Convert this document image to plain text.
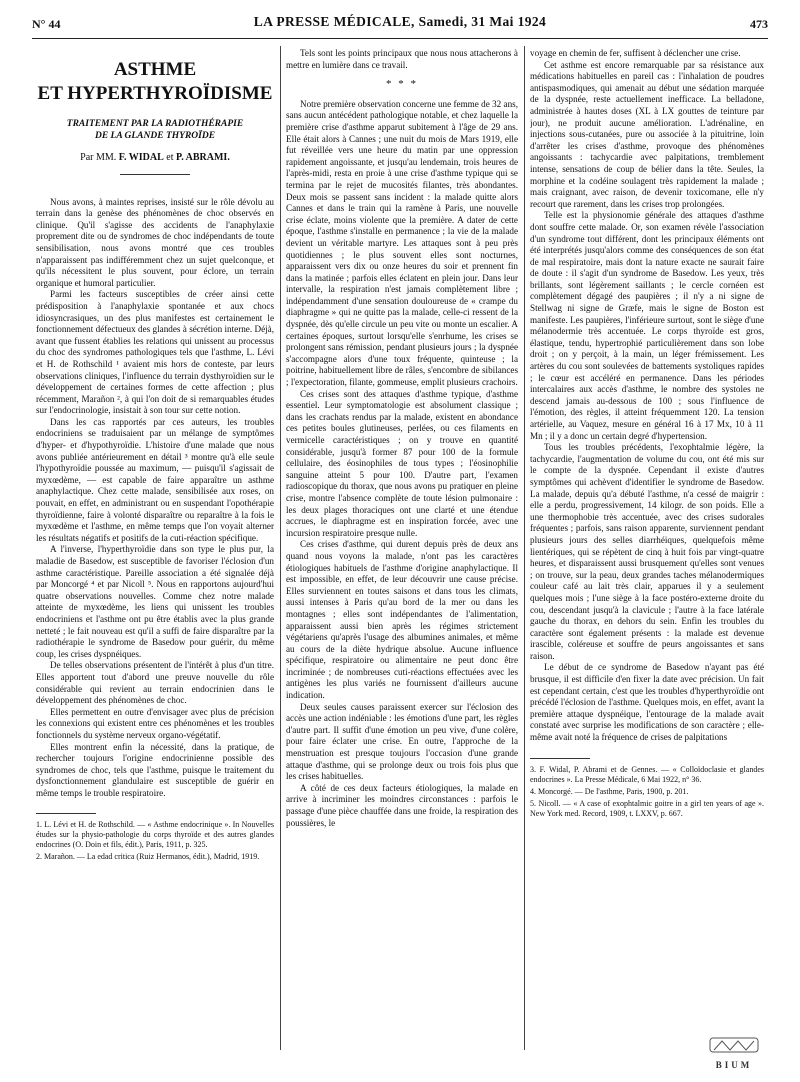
N° 44	LA PRESSE MÉDICALE, Samedi, 31 Mai 1924	473
ASTHME
ET HYPERTHYROÏDISME
TRAITEMENT PAR LA RADIOTHÉRAPIE
DE LA GLANDE THYROÏDE
Par MM. F. WIDAL et P. ABRAMI.

Nous avons, à maintes reprises, insisté sur le rôle dévolu au terrain dans la genèse des phénomènes de choc observés en clinique. Qu'il s'agisse des accidents de l'anaphylaxie proprement dite ou de syndromes de choc indépendants de toute sensibilisation, nous avons montré que ces troubles n'apparaissent pas indifféremment chez un sujet quelconque, et qu'ils nécessitent le plus souvent, pour éclore, un terrain organique et humoral particulier.

Parmi les facteurs susceptibles de créer ainsi cette prédisposition à l'anaphylaxie spontanée et aux chocs idiosyncrasiques, un des plus manifestes est certainement le fonctionnement défectueux des glandes à sécrétion interne. Déjà, avant que fussent établies les relations qui unissent au processus du choc des syndromes pathologiques tels que l'asthme, L. Lévi et H. de Rothschild ¹ avaient mis hors de conteste, par leurs observations cliniques, l'influence du terrain dysthyroïdien sur le développement de certaines formes de cette affection ; plus récemment, Marañon ², à qui l'on doit de si remarquables études sur l'endocrinologie, insistait à son tour sur cette notion.

Dans les cas rapportés par ces auteurs, les troubles endocriniens se traduisaient par un mélange de symptômes d'hyper- et d'hypothyroïdie. L'histoire d'une malade que nous avons publiée antérieurement en détail ³ montre qu'à elle seule l'hypothyroïdie poussée au maximum, — puisqu'il s'agissait de myxœdème, — est capable de faire apparaître un asthme anaphylactique. Chez cette malade, sensibilisée aux roses, on pouvait, en effet, en administrant ou en suspendant l'opothérapie thyroïdienne, faire à volonté disparaître ou reparaître à la fois le myxœdème et l'asthme, en même temps que l'on voyait alterner les résultats négatifs et positifs de la cuti-réaction spécifique.

A l'inverse, l'hyperthyroïdie dans son type le plus pur, la maladie de Basedow, est susceptible de favoriser l'éclosion d'un asthme caractéristique. Pareille association a été signalée déjà par Moncorgé ⁴ et par Nicoll ⁵. Nous en rapportons aujourd'hui quatre observations nouvelles. Comme chez notre malade atteinte de myxœdème, les liens qui unissent les troubles endocriniens et l'asthme ont pu être établis avec la plus grande netteté ; le fait nouveau est qu'il a suffi de faire disparaître par la radiothérapie le syndrome de Basedow pour guérir, du même coup, les crises dyspnéiques.

De telles observations présentent de l'intérêt à plus d'un titre. Elles apportent tout d'abord une preuve nouvelle du rôle considérable qui revient au terrain endocrinien dans le développement des phénomènes de choc.

Elles permettent en outre d'envisager avec plus de précision les connexions qui existent entre ces phénomènes et les troubles fonctionnels du système nerveux organo-végétatif.

Elles montrent enfin la nécessité, dans la pratique, de rechercher toujours l'origine endocrinienne possible des syndromes de choc, tels que l'asthme, puisque le traitement du dysfonctionnement glandulaire est susceptible de guérir en même temps le trouble respiratoire.

1. L. Lévi et H. de Rothschild. — « Asthme endocrinique ». In Nouvelles études sur la physio-pathologie du corps thyroïde et des autres glandes endocrines (O. Doin et fils, édit.), Paris, 1911, p. 325.

2. Marañon. — La edad critica (Ruiz Hermanos, édit.), Madrid, 1919.

Tels sont les points principaux que nous nous attacherons à mettre en lumière dans ce travail.

* * *

Notre première observation concerne une femme de 32 ans, sans aucun antécédent pathologique notable, et chez laquelle la première crise d'asthme apparut subitement à l'âge de 29 ans. Elle était alors à Cannes ; une nuit du mois de Mars 1919, elle fut réveillée vers une heure du matin par une oppression rapidement angoissante, et jusqu'au lendemain, trois heures de l'après-midi, resta en proie à une crise d'asthme typique qui se termina par le rejet de mucosités filantes, très abondantes. Deux mois se passent sans incident : la malade quitte alors Cannes et dans le train qui la ramène à Paris, une nouvelle crise éclate, moins violente que la première. A dater de cette époque, l'asthme s'installe en permanence ; la vie de la malade devient un véritable martyre. Les attaques sont à peu près quotidiennes ; le plus souvent elles sont nocturnes, apparaissent vers dix ou onze heures du soir et prennent fin dans la matinée ; parfois elles éclatent en plein jour. Dans leur intervalle, la respiration n'est jamais complètement libre ; indépendamment d'une sensation douloureuse de « crampe du diaphragme » qui ne quitte pas la malade, celle-ci ressent de la dyspnée, dès qu'elle circule un peu vite ou monte un escalier. A certaines époques, surtout lorsqu'elle s'enrhume, les crises se prolongent sans rémission, pendant plusieurs jours ; la dyspnée s'accompagne alors d'une toux fréquente, quinteuse ; la poitrine, habituellement libre de râles, s'encombre de sibilances ; l'expectoration, filante, gommeuse, emplit plusieurs crachoirs.

Ces crises sont des attaques d'asthme typique, d'asthme essentiel. Leur symptomatologie est absolument classique ; dans les crachats rendus par la malade, existent en abondance ces petites boules glutineuses, perlées, ou ces filaments en vermicelle caractéristiques ; on y trouve en quantité considérable, jusqu'à former 87 pour 100 de la formule cellulaire, des éosinophiles de tous types ; l'éosinophilie sanguine atteint 5 pour 100. D'autre part, l'examen radioscopique du thorax, que nous avons pu pratiquer en pleine crise, montre l'absence complète de toute lésion pulmonaire : les deux plages thoraciques ont une clarté et une étendue accrues, le diaphragme est en inspiration forcée, avec une incursion respiratoire presque nulle.

Ces crises d'asthme, qui durent depuis près de deux ans quand nous voyons la malade, n'ont pas les caractères étiologiques habituels de l'asthme d'origine anaphylactique. Il est impossible, en effet, de leur découvrir une cause précise. Elles surviennent en toutes saisons et dans tous les climats, aussi intenses à Paris qu'au bord de la mer ou dans les montagnes ; elles sont indépendantes de l'alimentation, apparaissent aussi bien après les régimes strictement végétariens qu'après l'usage des albumines animales, et même au cours de la diète hydrique absolue. Aucune influence spécifique, respiratoire ou alimentaire ne peut donc être incriminée ; de nombreuses cuti-réactions effectuées avec les antigènes les plus variés ne fournissent d'ailleurs aucune indication.

Deux seules causes paraissent exercer sur l'éclosion des accès une action indéniable : les émotions d'une part, les règles d'autre part. Il suffit d'une émotion un peu vive, d'une colère, pour faire éclater une crise. En outre, l'approche de la menstruation est presque toujours l'occasion d'une grande attaque d'asthme, qui se prolonge deux ou trois fois plus que les crises habituelles.

A côté de ces deux facteurs étiologiques, la malade en arrive à incriminer les moindres circonstances : parfois le passage d'une pièce chauffée dans une froide, la respiration des poussières, le

voyage en chemin de fer, suffisent à déclencher une crise.

Cet asthme est encore remarquable par sa résistance aux médications habituelles en pareil cas : l'inhalation de poudres antispasmodiques, qui amenait au début une sédation marquée de la dyspnée, reste actuellement inefficace. La belladone, administrée à hautes doses (XL à LX gouttes de teinture par jour), ne produit aucune amélioration. L'adrénaline, en injections sous-cutanées, pure ou associée à la pituitrine, loin d'arrêter les crises d'asthme, provoque des phénomènes angoissants : tachycardie avec palpitations, tremblement intense, sensations de coup de bélier dans la tête. Seules, la morphine et la codéine soulagent très rapidement la malade ; mais craignant, avec raison, de devenir toxicomane, elle n'y recourt que rarement, dans les crises trop prolongées.

Telle est la physionomie générale des attaques d'asthme dont souffre cette malade. Or, son examen révèle l'association d'un syndrome tout différent, dont les principaux éléments ont été interprétés jusqu'alors comme des conséquences de son état de mal respiratoire, mais dont la nature exacte ne saurait faire de doute : il s'agit d'un syndrome de Basedow. Les yeux, très brillants, sont légèrement saillants ; le cercle cornéen est complètement dégagé des paupières ; il n'y a ni signe de Stellwag ni signe de Græfe, mais le signe de Boston est manifeste. Les paupières, l'inférieure surtout, sont le siège d'une mélanodermie très accentuée. Le corps thyroïde est gros, élastique, tendu, hypertrophié particulièrement dans son lobe droit ; on y perçoit, à la main, un léger frémissement. Les artères du cou sont soulevées de battements systoliques rapides ; le cœur est accéléré en permanence. Dans les périodes intercalaires aux accès d'asthme, le nombre des systoles ne descend jamais au-dessous de 100 ; sous l'influence de l'émotion, des règles, il atteint fréquemment 120. La tension artérielle, au Vaquez, mesure en général 16 à 17 Mx, 10 à 11 Mn ; il y a donc un certain degré d'hypertension.

Tous les troubles précédents, l'exophtalmie légère, la tachycardie, l'augmentation de volume du cou, ont été mis sur le compte de la dyspnée. Cependant il existe d'autres symptômes qui achèvent d'identifier le syndrome de Basedow. La malade, depuis qu'a débuté l'asthme, n'a cessé de maigrir : elle a perdu, progressivement, 14 kilogr. de son poids. Elle a une thermophobie très accentuée, avec des crises sudorales fréquentes ; parfois, sans raison apparente, surviennent pendant plusieurs jours des selles diarrhéiques, quelquefois même lientériques, qui se répètent de cinq à huit fois par vingt-quatre heures, et disparaissent aussi brusquement qu'elles sont venues ; on trouve, sur la peau, deux grandes taches mélanodermiques couleur café au lait très clair, apparues il y a seulement quelques mois ; l'une siège à la face postéro-externe droite du cou, descendant jusqu'à la clavicule ; l'autre à la face latérale gauche du thorax, en dehors du sein. Enfin les troubles du caractère sont également présents : la malade est devenue irascible, coléreuse et souffre de peurs angoissantes et sans raison.

Le début de ce syndrome de Basedow n'ayant pas été brusque, il est difficile d'en fixer la date avec précision. Un fait est cependant certain, c'est que les troubles d'hyperthyroïdie ont précédé l'éclosion de l'asthme. Quelques mois, en effet, avant la première attaque dyspnéique, l'entourage de la malade avait constaté avec surprise les modifications de son caractère ; elle-même avait noté la fréquence de crises de palpitations

3. F. Widal, P. Abrami et de Gennes. — « Colloïdoclasie et glandes endocrines ». La Presse Médicale, 6 Mai 1922, n° 36.

4. Moncorgé. — De l'asthme, Paris, 1900, p. 201.

5. Nicoll. — « A case of exophtalmic goitre in a girl ten years of age ». New York med. Record, 1909, t. LXXV, p. 667.

BIUM
